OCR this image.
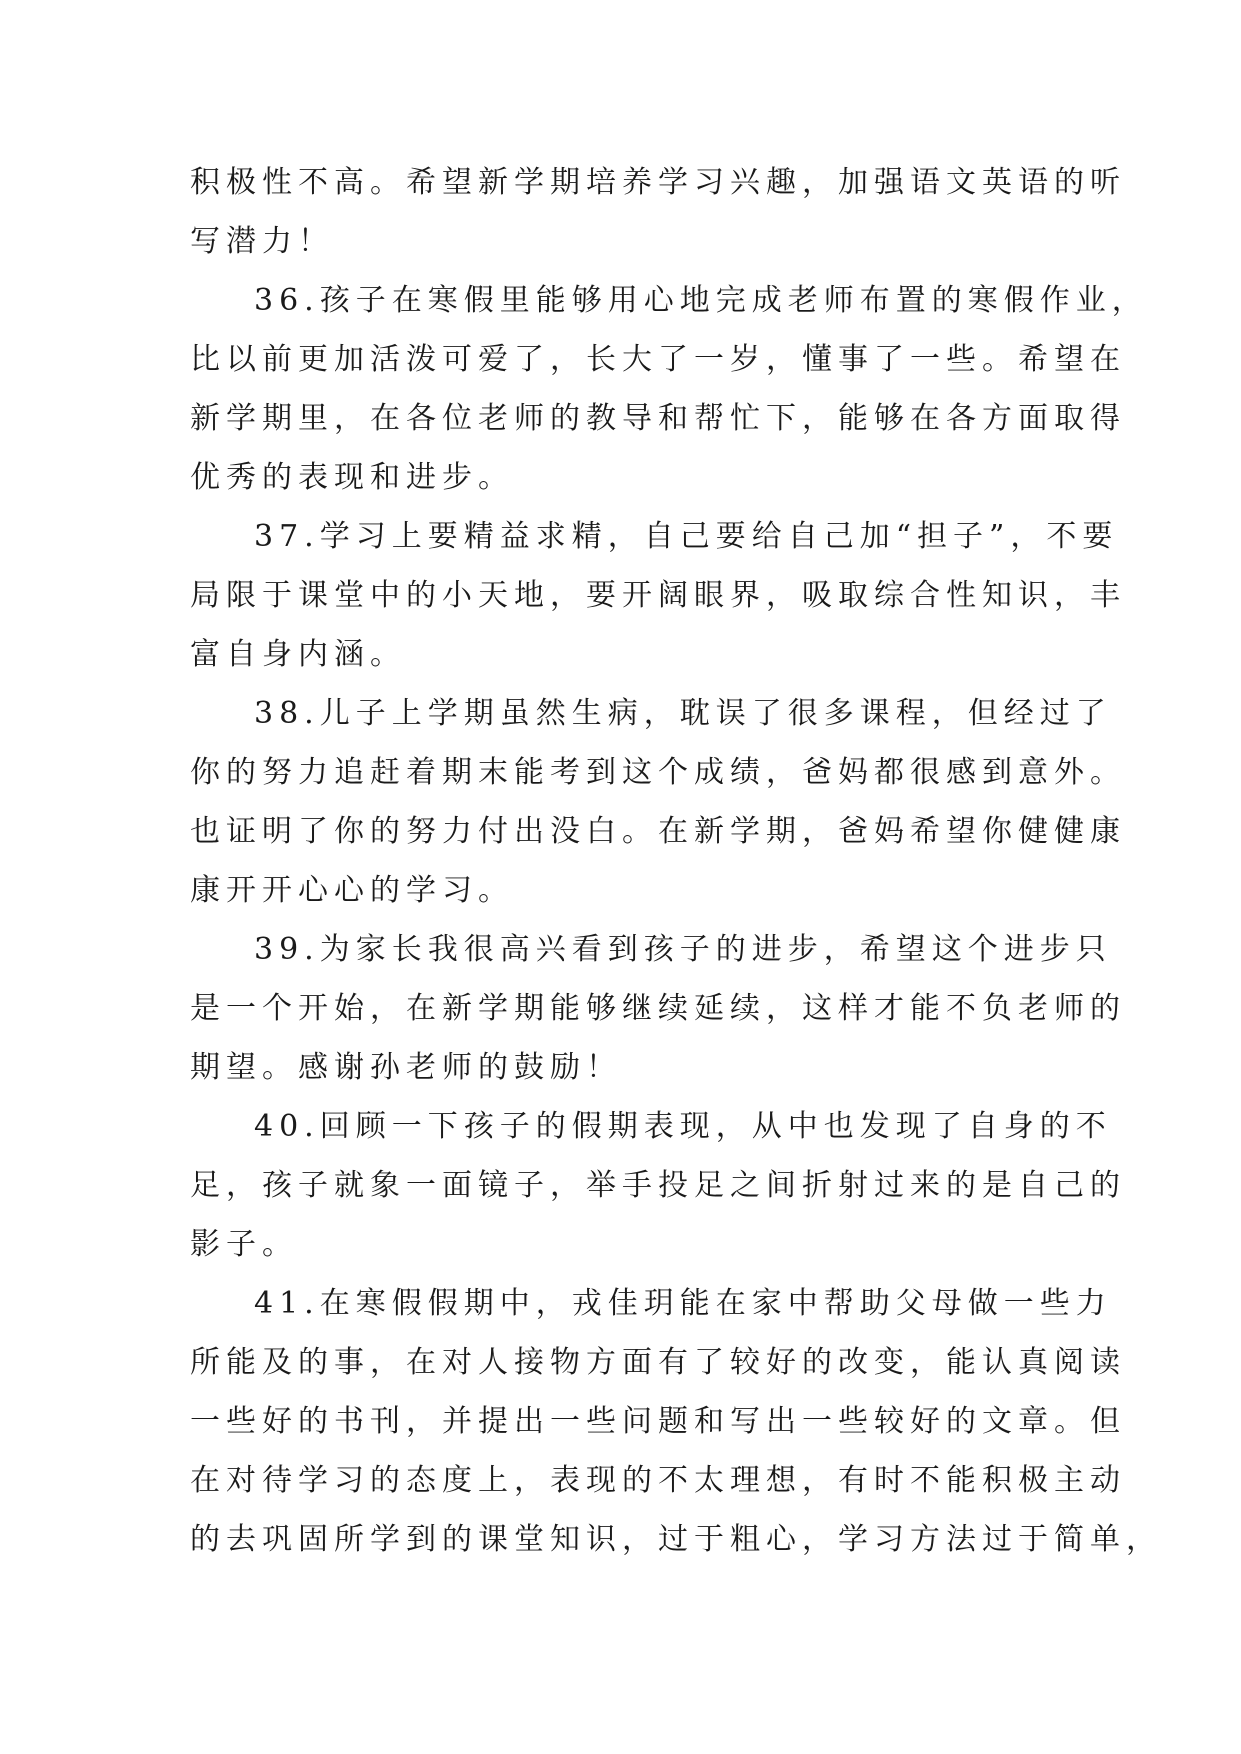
积极性不高。希望新学期培养学习兴趣，加强语文英语的听
写潜力！
36.孩子在寒假里能够用心地完成老师布置的寒假作业，
比以前更加活泼可爱了，长大了一岁，懂事了一些。希望在
新学期里，在各位老师的教导和帮忙下，能够在各方面取得
优秀的表现和进步。
37.学习上要精益求精，自己要给自己加“担子”，不要
局限于课堂中的小天地，要开阔眼界，吸取综合性知识，丰
富自身内涵。
38.儿子上学期虽然生病，耽误了很多课程，但经过了
你的努力追赶着期末能考到这个成绩，爸妈都很感到意外。
也证明了你的努力付出没白。在新学期，爸妈希望你健健康
康开开心心的学习。
39.为家长我很高兴看到孩子的进步，希望这个进步只
是一个开始，在新学期能够继续延续，这样才能不负老师的
期望。感谢孙老师的鼓励！
40.回顾一下孩子的假期表现，从中也发现了自身的不
足，孩子就象一面镜子，举手投足之间折射过来的是自己的
影子。
41.在寒假假期中，戎佳玥能在家中帮助父母做一些力
所能及的事，在对人接物方面有了较好的改变，能认真阅读
一些好的书刊，并提出一些问题和写出一些较好的文章。但
在对待学习的态度上，表现的不太理想，有时不能积极主动
的去巩固所学到的课堂知识，过于粗心，学习方法过于简单，
